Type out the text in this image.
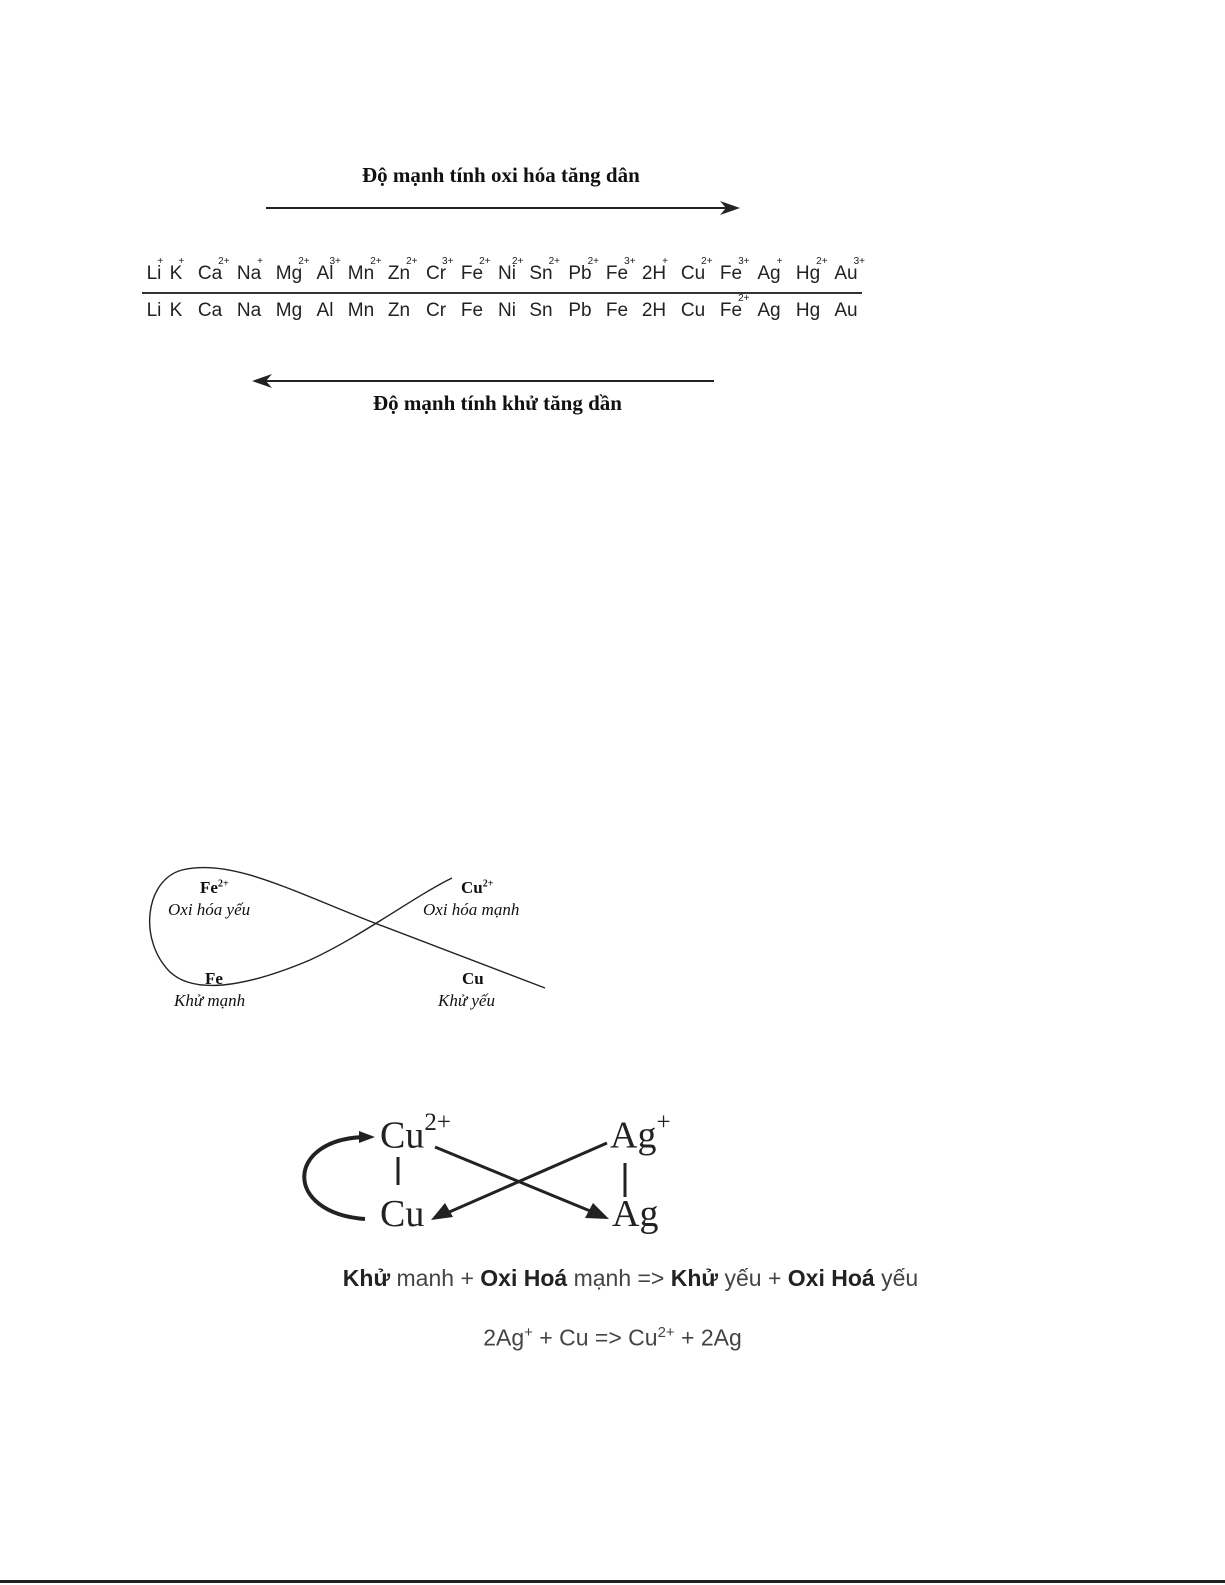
Độ mạnh tính oxi hóa tăng dân
Li
+
K
+
Ca
2+
Na
+
Mg
2+
Al
3+
Mn
2+
Zn
2+
Cr
3+
Fe
2+
Ni
2+
Sn
2+
Pb
2+
Fe
3+
2H
+
Cu
2+
Fe
3+
Ag
+
Hg
2+
Au
3+
Li K Ca Na Mg Al Mn Zn Cr Fe Ni Sn Pb Fe 2H Cu Fe
2+
Ag Hg Au
Độ mạnh tính khử tăng dần
$Fe^{2+}$
Oxi hóa yếu
$Cu^{2+}$
Oxi hóa mạnh
Fe
Khử mạnh
Cu
Khử yếu
$Cu^{2+}$	Ag+
Cu	Ag
Khử manh + Oxi Hoá mạnh => Khử yếu + Oxi Hoá yếu
$2Ag^+ + Cu => Cu^{2+} + 2Ag$
